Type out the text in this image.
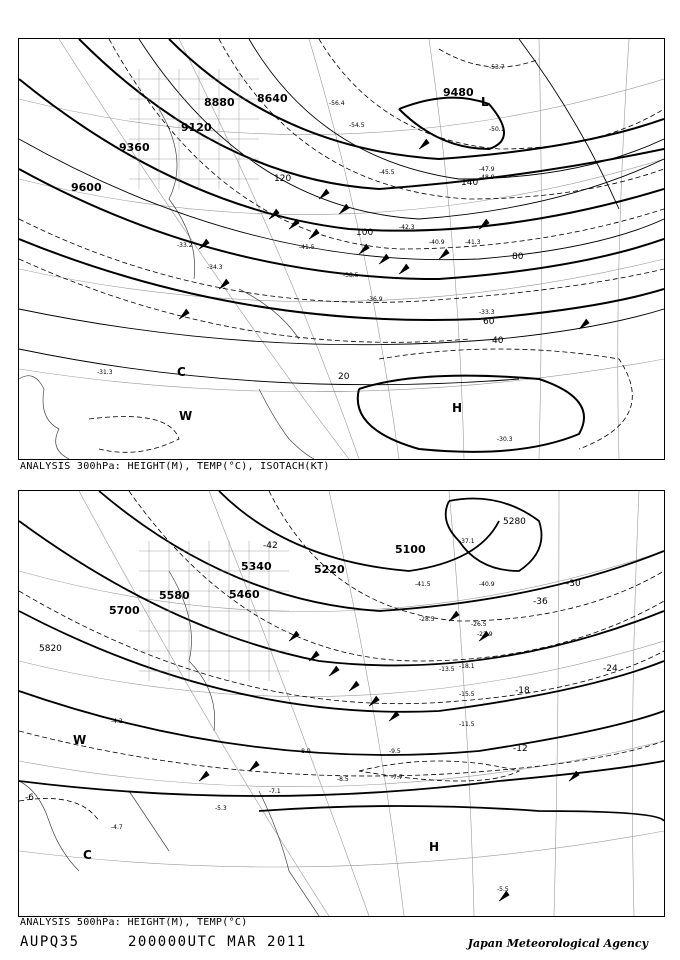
8880 8640
9120
9360
9600
9480
20
40
60
80
100
120	140
-30.3
-33.2
-34.3
-31.3
-33.3
-36.9
-38.5
-41.3
-42.3
-40.9
-47.9
-48.9
-53.7
-54.5
-56.4
-50.1
-41.5
-45.5
L
H
C
W
ANALYSIS 300hPa: HEIGHT(M), TEMP(°C), ISOTACH(KT)
5100
5220
5340
5460
5580
5700
5820
5280
-42
-36
-30
-24
-18
-12
-6
-5.5
-7.7
-9.5
-8.5
-8.9
-7.1
-5.3
-4.7
-4.2	-11.5
-13.5
-15.5
-18.1
-22.9
-26.5
-28.5
-37.1
-40.9
-41.5
H
C
W
ANALYSIS 500hPa: HEIGHT(M), TEMP(°C)
AUPQ35	200000UTC MAR 2011	Japan Meteorological Agency
